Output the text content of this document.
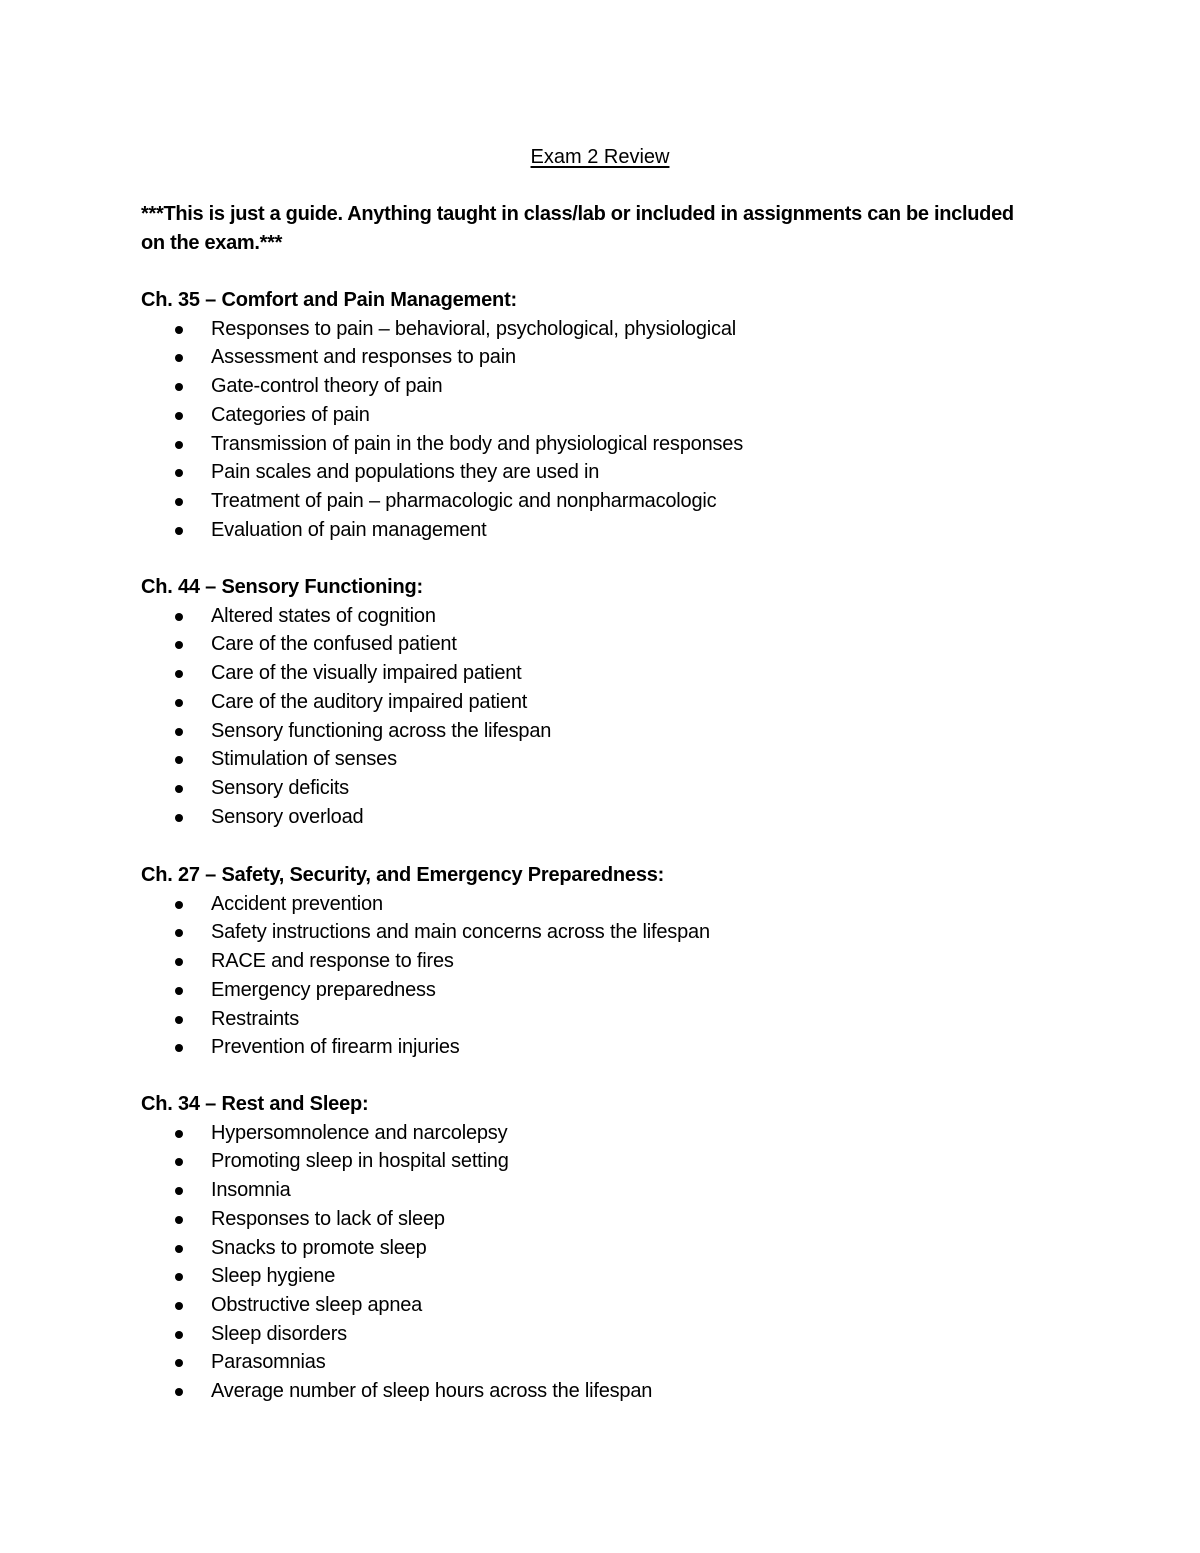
Exam 2 Review
***This is just a guide. Anything taught in class/lab or included in assignments can be included on the exam.***

Ch. 35 – Comfort and Pain Management:

Responses to pain – behavioral, psychological, physiological
Assessment and responses to pain
Gate-control theory of pain
Categories of pain
Transmission of pain in the body and physiological responses
Pain scales and populations they are used in
Treatment of pain – pharmacologic and nonpharmacologic
Evaluation of pain management

Ch. 44 – Sensory Functioning:

Altered states of cognition
Care of the confused patient
Care of the visually impaired patient
Care of the auditory impaired patient
Sensory functioning across the lifespan
Stimulation of senses
Sensory deficits
Sensory overload

Ch. 27 – Safety, Security, and Emergency Preparedness:

Accident prevention
Safety instructions and main concerns across the lifespan
RACE and response to fires
Emergency preparedness
Restraints
Prevention of firearm injuries

Ch. 34 – Rest and Sleep:

Hypersomnolence and narcolepsy
Promoting sleep in hospital setting
Insomnia
Responses to lack of sleep
Snacks to promote sleep
Sleep hygiene
Obstructive sleep apnea
Sleep disorders
Parasomnias
Average number of sleep hours across the lifespan
